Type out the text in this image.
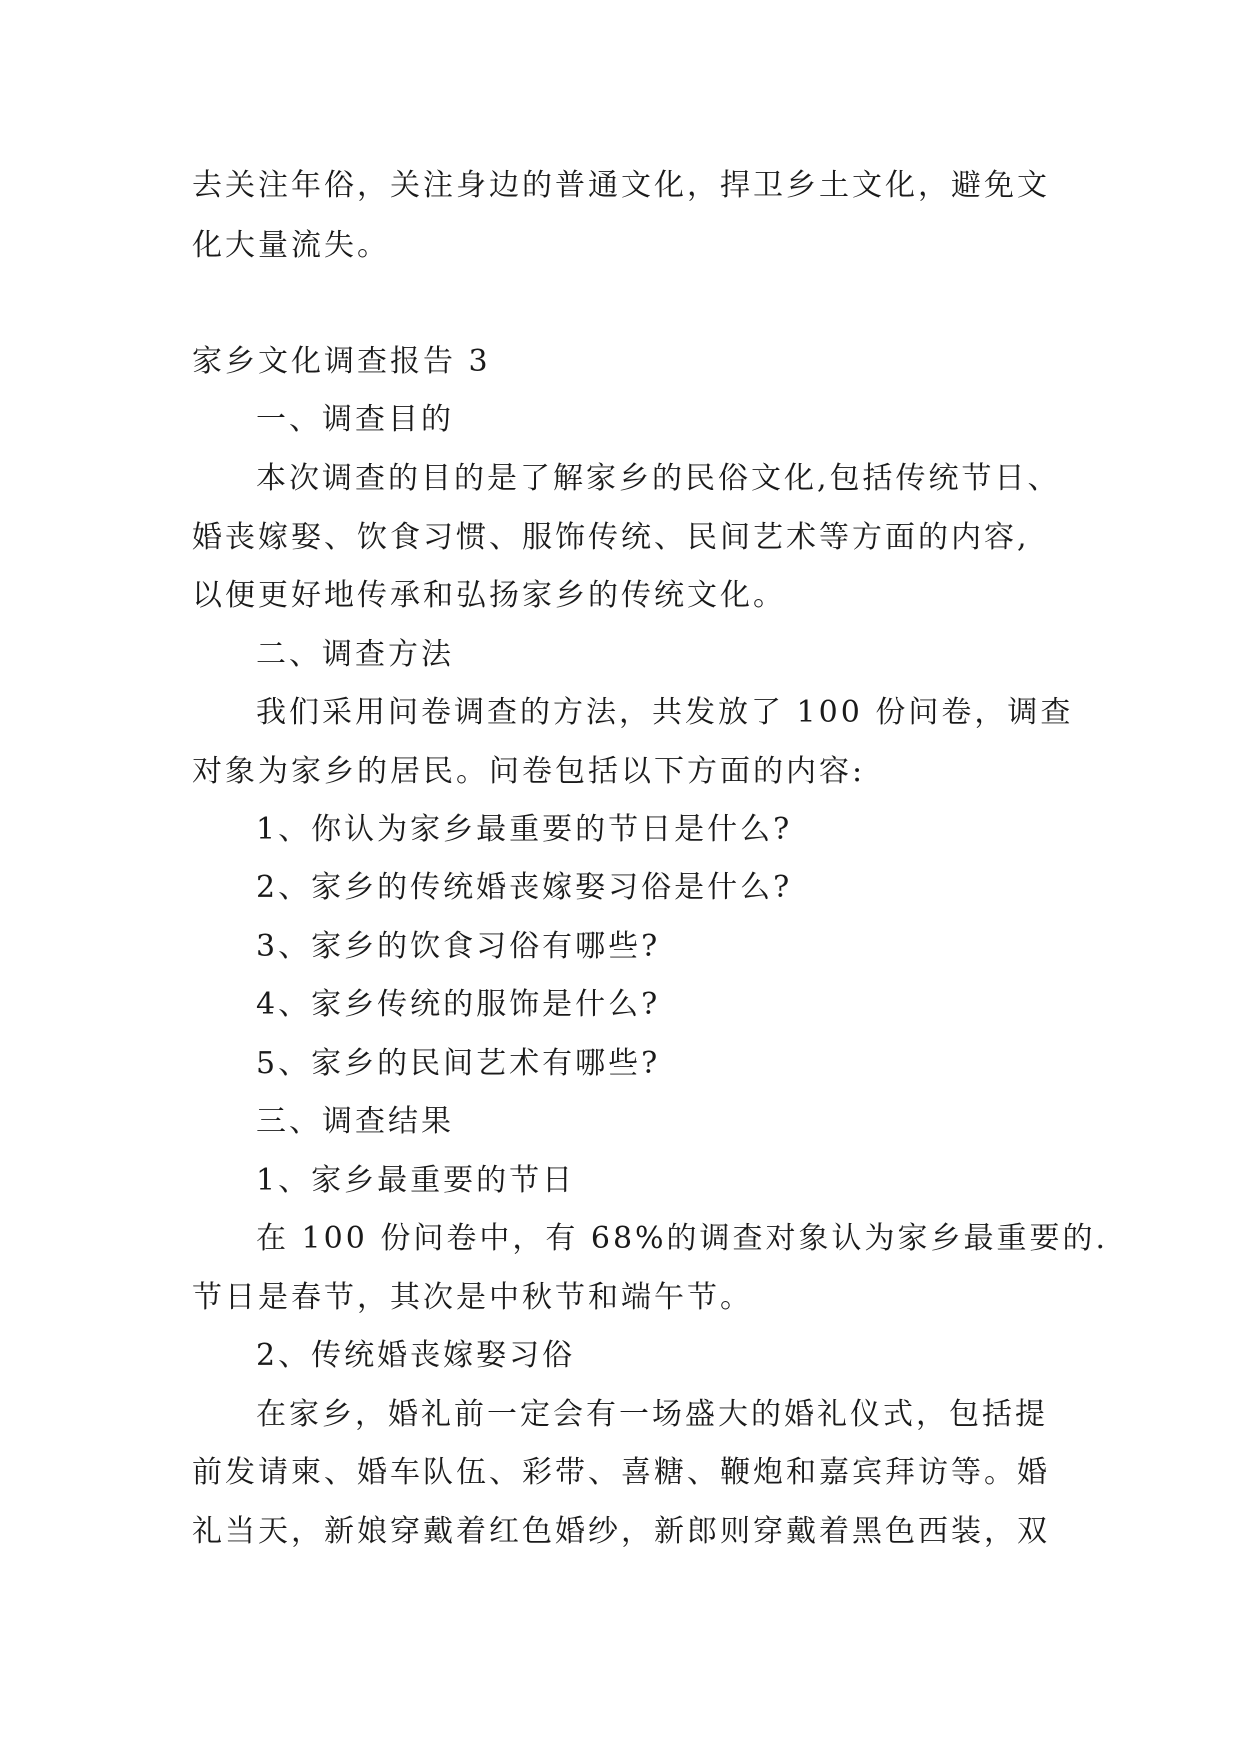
去关注年俗，关注身边的普通文化，捍卫乡土文化，避免文
化大量流失。
家乡文化调查报告 3
一、调查目的
本次调查的目的是了解家乡的民俗文化,包括传统节日、
婚丧嫁娶、饮食习惯、服饰传统、民间艺术等方面的内容,
以便更好地传承和弘扬家乡的传统文化。
二、调查方法
我们采用问卷调查的方法，共发放了 100 份问卷，调查
对象为家乡的居民。问卷包括以下方面的内容:
1、你认为家乡最重要的节日是什么?
2、家乡的传统婚丧嫁娶习俗是什么?
3、家乡的饮食习俗有哪些?
4、家乡传统的服饰是什么?
5、家乡的民间艺术有哪些?
三、调查结果
1、家乡最重要的节日
在 100 份问卷中，有 68%的调查对象认为家乡最重要的.
节日是春节，其次是中秋节和端午节。
2、传统婚丧嫁娶习俗
在家乡，婚礼前一定会有一场盛大的婚礼仪式，包括提
前发请柬、婚车队伍、彩带、喜糖、鞭炮和嘉宾拜访等。婚
礼当天，新娘穿戴着红色婚纱，新郎则穿戴着黑色西装，双
